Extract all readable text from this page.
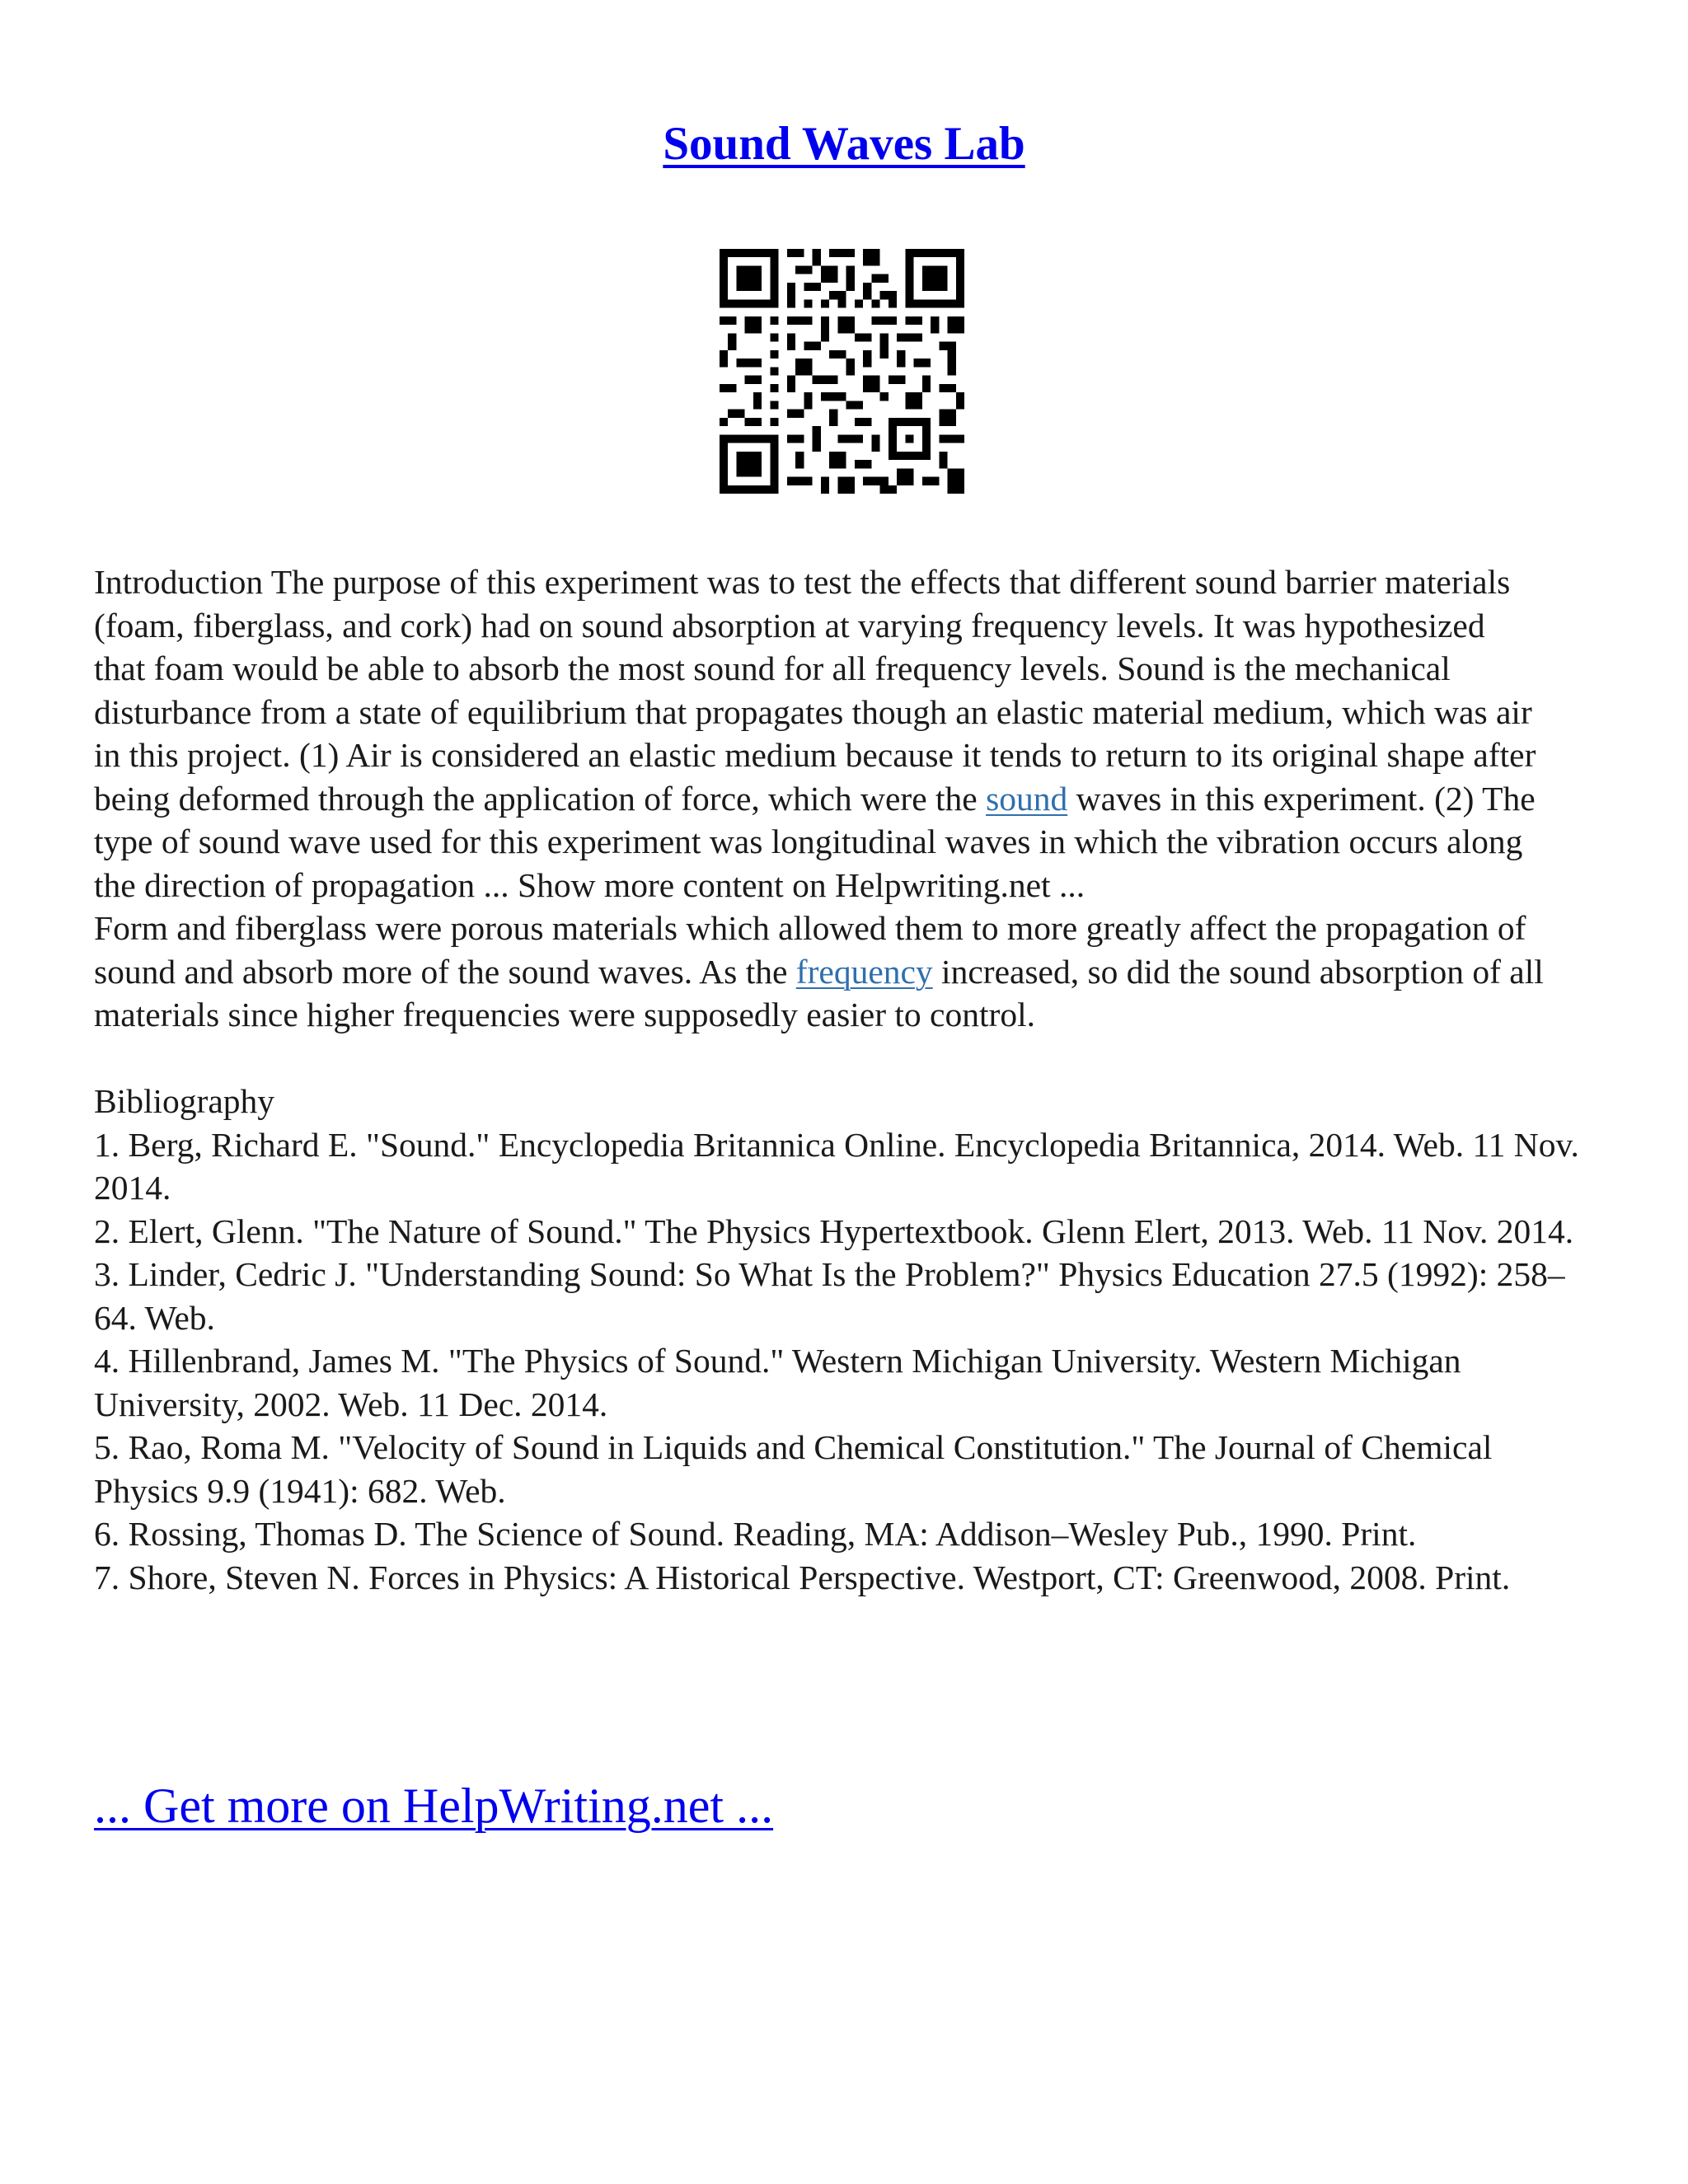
Sound Waves Lab

Introduction The purpose of this experiment was to test the effects that different sound barrier materials (foam, fiberglass, and cork) had on sound absorption at varying frequency levels. It was hypothesized that foam would be able to absorb the most sound for all frequency levels. Sound is the mechanical disturbance from a state of equilibrium that propagates though an elastic material medium, which was air in this project. (1) Air is considered an elastic medium because it tends to return to its original shape after being deformed through the application of force, which were the sound waves in this experiment. (2) The type of sound wave used for this experiment was longitudinal waves in which the vibration occurs along the direction of propagation ... Show more content on Helpwriting.net ...

Form and fiberglass were porous materials which allowed them to more greatly affect the propagation of sound and absorb more of the sound waves. As the frequency increased, so did the sound absorption of all materials since higher frequencies were supposedly easier to control.

Bibliography

1. Berg, Richard E. "Sound." Encyclopedia Britannica Online. Encyclopedia Britannica, 2014. Web. 11 Nov. 2014.
2. Elert, Glenn. "The Nature of Sound." The Physics Hypertextbook. Glenn Elert, 2013. Web. 11 Nov. 2014.
3. Linder, Cedric J. "Understanding Sound: So What Is the Problem?" Physics Education 27.5 (1992): 258–64. Web.
4. Hillenbrand, James M. "The Physics of Sound." Western Michigan University. Western Michigan University, 2002. Web. 11 Dec. 2014.
5. Rao, Roma M. "Velocity of Sound in Liquids and Chemical Constitution." The Journal of Chemical Physics 9.9 (1941): 682. Web.
6. Rossing, Thomas D. The Science of Sound. Reading, MA: Addison–Wesley Pub., 1990. Print.
7. Shore, Steven N. Forces in Physics: A Historical Perspective. Westport, CT: Greenwood, 2008. Print.
... Get more on HelpWriting.net ...
